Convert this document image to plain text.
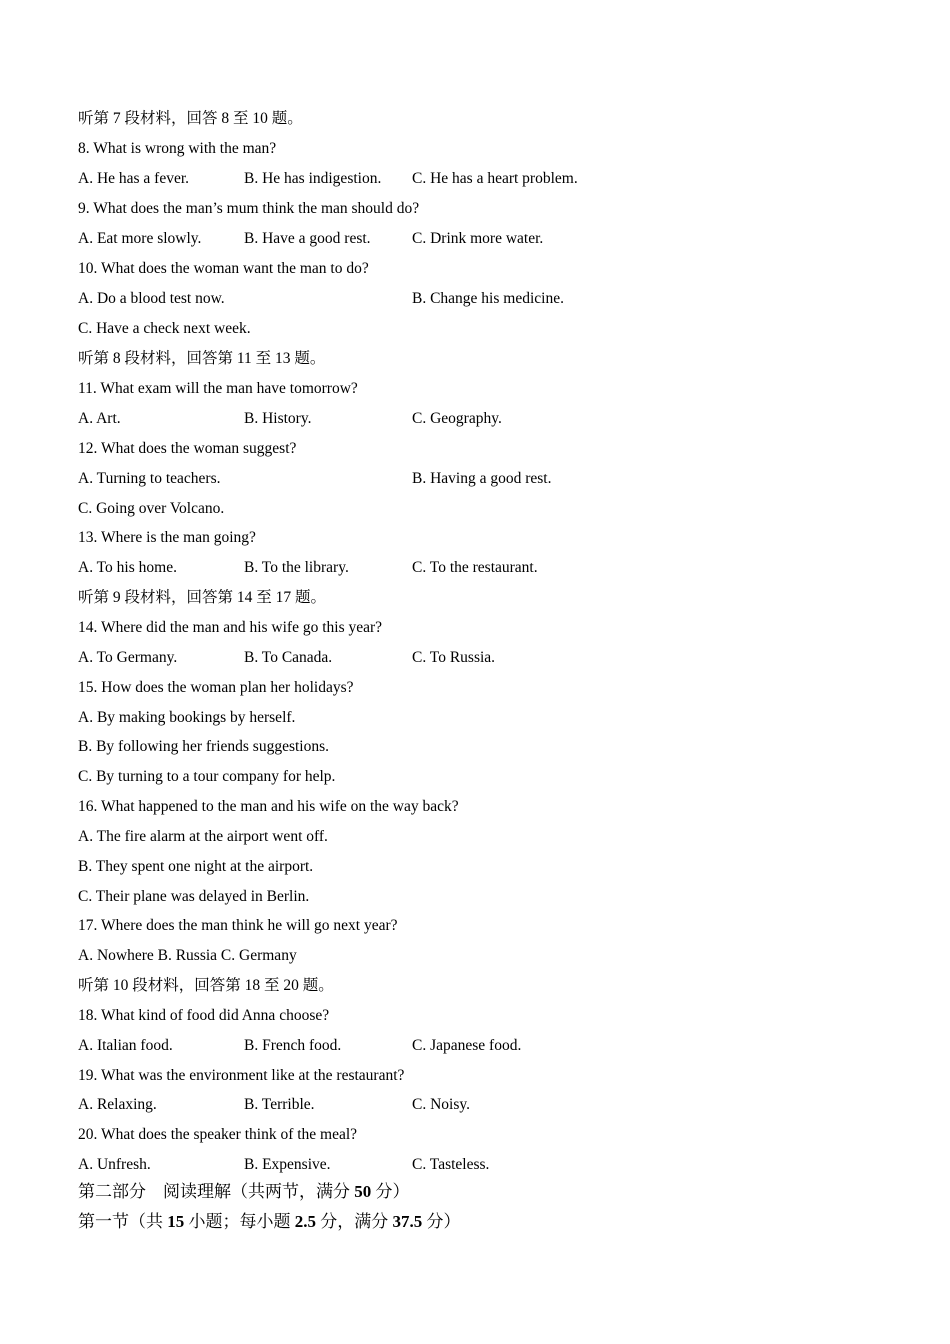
听第 7 段材料，回答 8 至 10 题。
8. What is wrong with the man?
A. He has a fever.	B. He has indigestion. C. He has a heart problem.
9. What does the man’s mum think the man should do?
A. Eat more slowly.	B. Have a good rest.	C. Drink more water.
10. What does the woman want the man to do?
A. Do a blood test now.	B. Change his medicine.
C. Have a check next week.
听第 8 段材料，回答第 11 至 13 题。
11. What exam will the man have tomorrow?
A. Art.	B. History.	C. Geography.
12. What does the woman suggest?
A. Turning to teachers.	B. Having a good rest.
C. Going over Volcano.
13. Where is the man going?
A. To his home.	B. To the library.	C. To the restaurant.
听第 9 段材料，回答第 14 至 17 题。
14. Where did the man and his wife go this year?
A. To Germany.	B. To Canada.	C. To Russia.
15. How does the woman plan her holidays?
A. By making bookings by herself.
B. By following her friends suggestions.
C. By turning to a tour company for help.
16. What happened to the man and his wife on the way back?
A. The fire alarm at the airport went off.
B. They spent one night at the airport.
C. Their plane was delayed in Berlin.
17. Where does the man think he will go next year?
A. Nowhere B. Russia C. Germany
听第 10 段材料，回答第 18 至 20 题。
18. What kind of food did Anna choose?
A. Italian food.	B. French food.	C. Japanese food.
19. What was the environment like at the restaurant?
A. Relaxing.	B. Terrible.	C. Noisy.
20. What does the speaker think of the meal?
A. Unfresh.	B. Expensive.	C. Tasteless.
第二部分　阅读理解（共两节，满分 50 分）
第一节（共 15 小题；每小题 2.5 分，满分 37.5 分）
